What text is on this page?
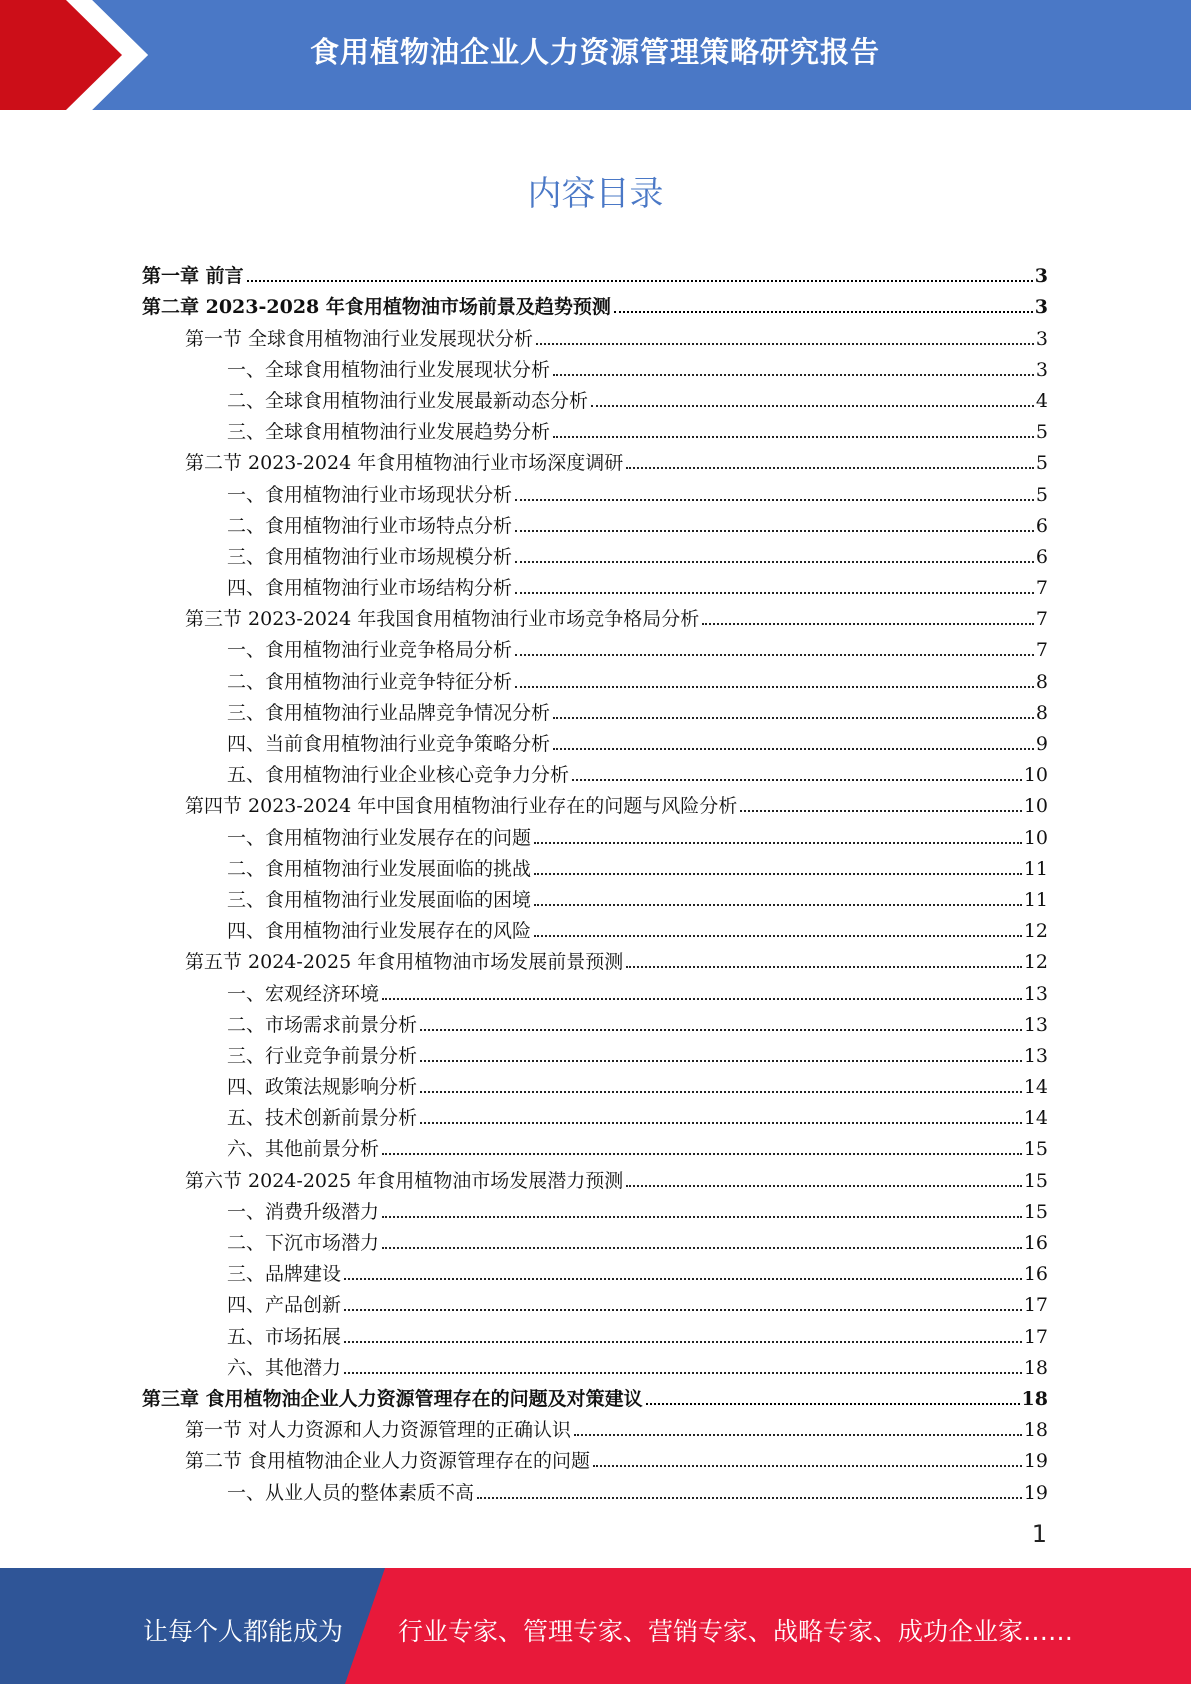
食用植物油企业人力资源管理策略研究报告
内容目录
第一章 前言	3
第二章 2023-2028 年食用植物油市场前景及趋势预测	3
第一节 全球食用植物油行业发展现状分析	3
一、全球食用植物油行业发展现状分析	3
二、全球食用植物油行业发展最新动态分析	4
三、全球食用植物油行业发展趋势分析	5
第二节 2023-2024 年食用植物油行业市场深度调研	5
一、食用植物油行业市场现状分析	5
二、食用植物油行业市场特点分析	6
三、食用植物油行业市场规模分析	6
四、食用植物油行业市场结构分析	7
第三节 2023-2024 年我国食用植物油行业市场竞争格局分析	7
一、食用植物油行业竞争格局分析	7
二、食用植物油行业竞争特征分析	8
三、食用植物油行业品牌竞争情况分析	8
四、当前食用植物油行业竞争策略分析	9
五、食用植物油行业企业核心竞争力分析	10
第四节 2023-2024 年中国食用植物油行业存在的问题与风险分析	10
一、食用植物油行业发展存在的问题	10
二、食用植物油行业发展面临的挑战	11
三、食用植物油行业发展面临的困境	11
四、食用植物油行业发展存在的风险	12
第五节 2024-2025 年食用植物油市场发展前景预测	12
一、宏观经济环境	13
二、市场需求前景分析	13
三、行业竞争前景分析	13
四、政策法规影响分析	14
五、技术创新前景分析	14
六、其他前景分析	15
第六节 2024-2025 年食用植物油市场发展潜力预测	15
一、消费升级潜力	15
二、下沉市场潜力	16
三、品牌建设	16
四、产品创新	17
五、市场拓展	17
六、其他潜力	18
第三章 食用植物油企业人力资源管理存在的问题及对策建议	18
第一节 对人力资源和人力资源管理的正确认识	18
第二节 食用植物油企业人力资源管理存在的问题	19
一、从业人员的整体素质不高	19
1
让每个人都能成为 行业专家、管理专家、营销专家、战略专家、成功企业家……
